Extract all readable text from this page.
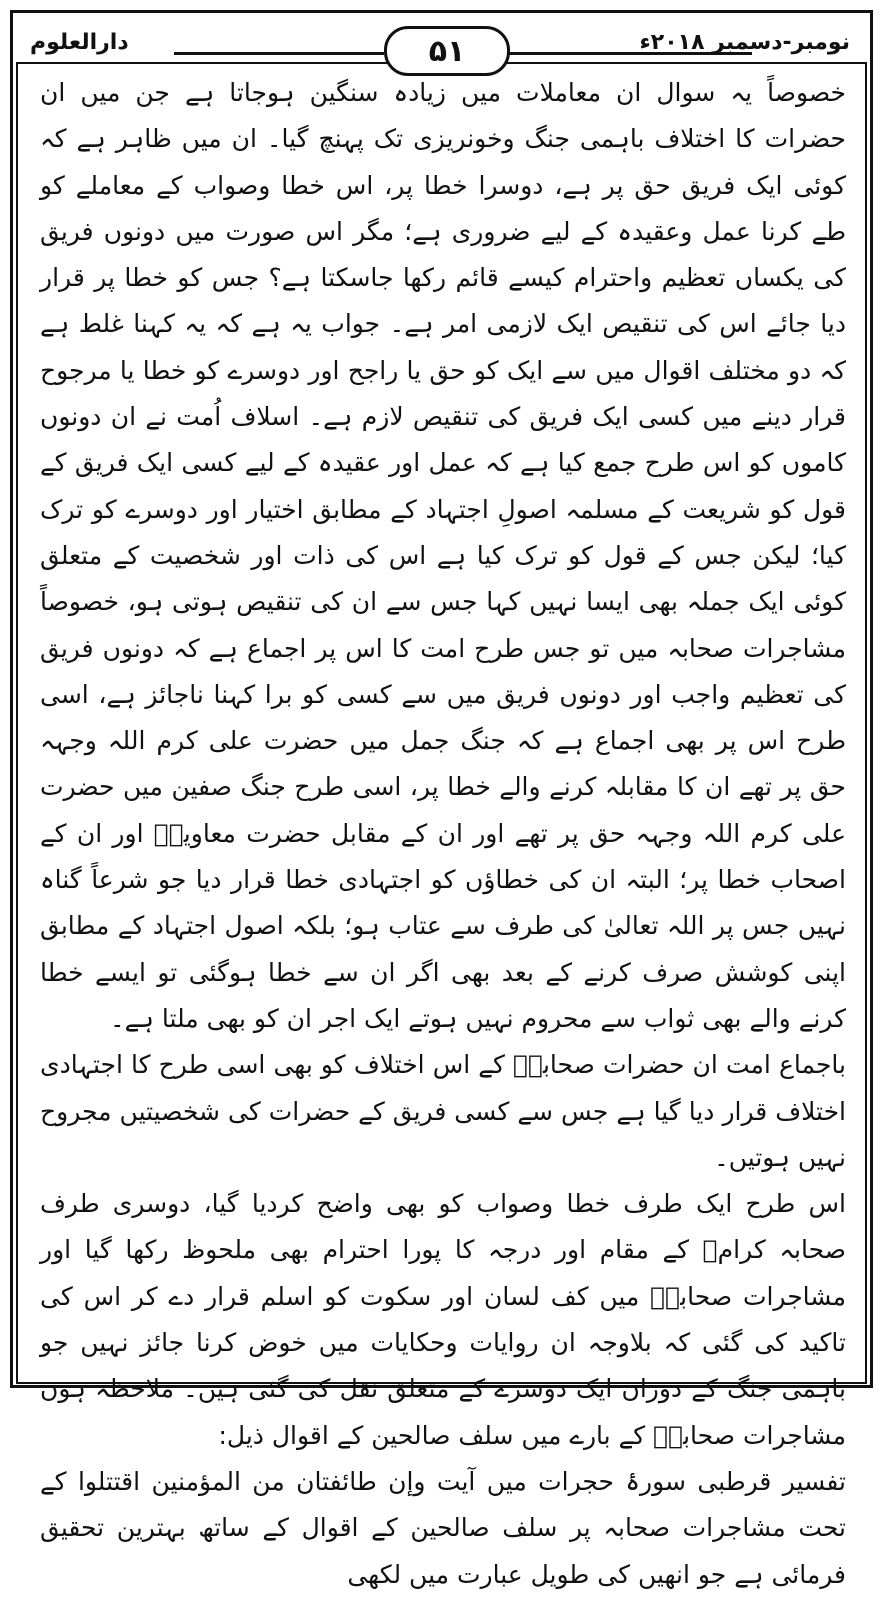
دارالعلوم	۵۱	نومبر-دسمبر ۲۰۱۸ء

خصوصاً یہ سوال ان معاملات میں زیادہ سنگین ہوجاتا ہے جن میں ان حضرات کا اختلاف باہمی جنگ وخونریزی تک پہنچ گیا۔ ان میں ظاہر ہے کہ کوئی ایک فریق حق پر ہے، دوسرا خطا پر، اس خطا وصواب کے معاملے کو طے کرنا عمل وعقیدہ کے لیے ضروری ہے؛ مگر اس صورت میں دونوں فریق کی یکساں تعظیم واحترام کیسے قائم رکھا جاسکتا ہے؟ جس کو خطا پر قرار دیا جائے اس کی تنقیص ایک لازمی امر ہے۔ جواب یہ ہے کہ یہ کہنا غلط ہے کہ دو مختلف اقوال میں سے ایک کو حق یا راجح اور دوسرے کو خطا یا مرجوح قرار دینے میں کسی ایک فریق کی تنقیص لازم ہے۔ اسلاف اُمت نے ان دونوں کاموں کو اس طرح جمع کیا ہے کہ عمل اور عقیدہ کے لیے کسی ایک فریق کے قول کو شریعت کے مسلمہ اصولِ اجتہاد کے مطابق اختیار اور دوسرے کو ترک کیا؛ لیکن جس کے قول کو ترک کیا ہے اس کی ذات اور شخصیت کے متعلق کوئی ایک جملہ بھی ایسا نہیں کہا جس سے ان کی تنقیص ہوتی ہو، خصوصاً مشاجرات صحابہ میں تو جس طرح امت کا اس پر اجماع ہے کہ دونوں فریق کی تعظیم واجب اور دونوں فریق میں سے کسی کو برا کہنا ناجائز ہے، اسی طرح اس پر بھی اجماع ہے کہ جنگ جمل میں حضرت علی کرم اللہ وجہہ حق پر تھے ان کا مقابلہ کرنے والے خطا پر، اسی طرح جنگ صفین میں حضرت علی کرم اللہ وجہہ حق پر تھے اور ان کے مقابل حضرت معاویہؓ اور ان کے اصحاب خطا پر؛ البتہ ان کی خطاؤں کو اجتہادی خطا قرار دیا جو شرعاً گناہ نہیں جس پر اللہ تعالیٰ کی طرف سے عتاب ہو؛ بلکہ اصول اجتہاد کے مطابق اپنی کوشش صرف کرنے کے بعد بھی اگر ان سے خطا ہوگئی تو ایسے خطا کرنے والے بھی ثواب سے محروم نہیں ہوتے ایک اجر ان کو بھی ملتا ہے۔

باجماع امت ان حضرات صحابہؓ کے اس اختلاف کو بھی اسی طرح کا اجتہادی اختلاف قرار دیا گیا ہے جس سے کسی فریق کے حضرات کی شخصیتیں مجروح نہیں ہوتیں۔

اس طرح ایک طرف خطا وصواب کو بھی واضح کردیا گیا، دوسری طرف صحابہ کرامؓ کے مقام اور درجہ کا پورا احترام بھی ملحوظ رکھا گیا اور مشاجرات صحابہؓ میں کف لسان اور سکوت کو اسلم قرار دے کر اس کی تاکید کی گئی کہ بلاوجہ ان روایات وحکایات میں خوض کرنا جائز نہیں جو باہمی جنگ کے دوران ایک دوسرے کے متعلق نقل کی گئی ہیں۔ ملاحظہ ہوں مشاجرات صحابہؓ کے بارے میں سلف صالحین کے اقوال ذیل:

تفسیر قرطبی سورۂ حجرات میں آیت وإن طائفتان من المؤمنين اقتتلوا کے تحت مشاجرات صحابہ پر سلف صالحین کے اقوال کے ساتھ بہترین تحقیق فرمائی ہے جو انھیں کی طویل عبارت میں لکھی
